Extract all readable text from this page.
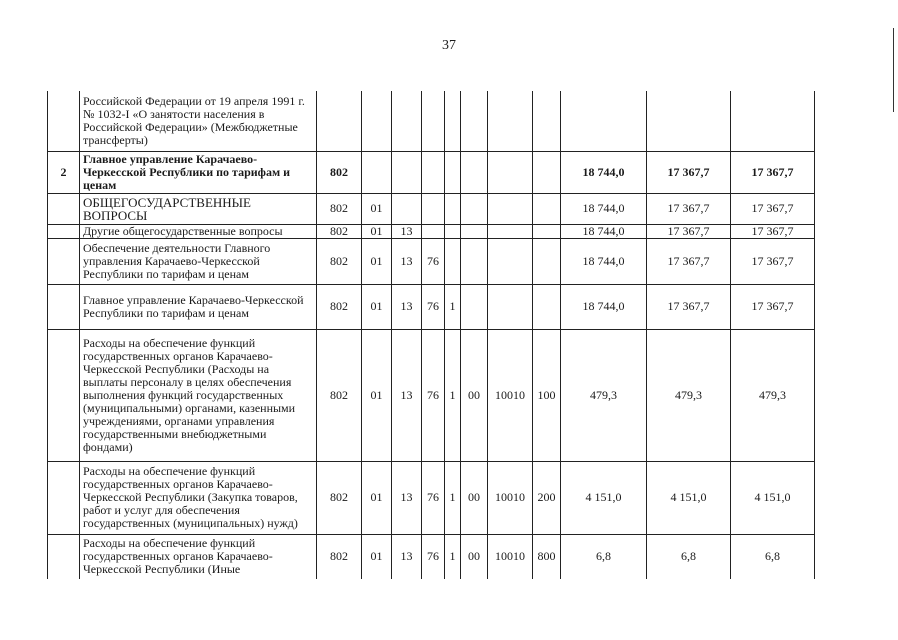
37
	Российской Федерации от 19 апреля 1991 г. № 1032-I «О занятости населения в Российской Федерации» (Межбюджетные трансферты)											
2	Главное управление Карачаево-Черкесской Республики по тарифам и ценам	802								18 744,0	17 367,7	17 367,7
	ОБЩЕГОСУДАРСТВЕННЫЕ ВОПРОСЫ	802	01							18 744,0	17 367,7	17 367,7
	Другие общегосударственные вопросы	802	01	13						18 744,0	17 367,7	17 367,7
	Обеспечение деятельности Главного управления Карачаево-Черкесской Республики по тарифам и ценам	802	01	13	76					18 744,0	17 367,7	17 367,7
	Главное управление Карачаево-Черкесской Республики по тарифам и ценам	802	01	13	76	1				18 744,0	17 367,7	17 367,7
	Расходы на обеспечение функций государственных органов Карачаево-Черкесской Республики (Расходы на выплаты персоналу в целях обеспечения выполнения функций государственных (муниципальными) органами, казенными учреждениями, органами управления государственными внебюджетными фондами)	802	01	13	76	1	00	10010	100	479,3	479,3	479,3
	Расходы на обеспечение функций государственных органов Карачаево-Черкесской Республики (Закупка товаров, работ и услуг для обеспечения государственных (муниципальных) нужд)	802	01	13	76	1	00	10010	200	4 151,0	4 151,0	4 151,0
	Расходы на обеспечение функций государственных органов Карачаево-Черкесской Республики (Иные	802	01	13	76	1	00	10010	800	6,8	6,8	6,8
